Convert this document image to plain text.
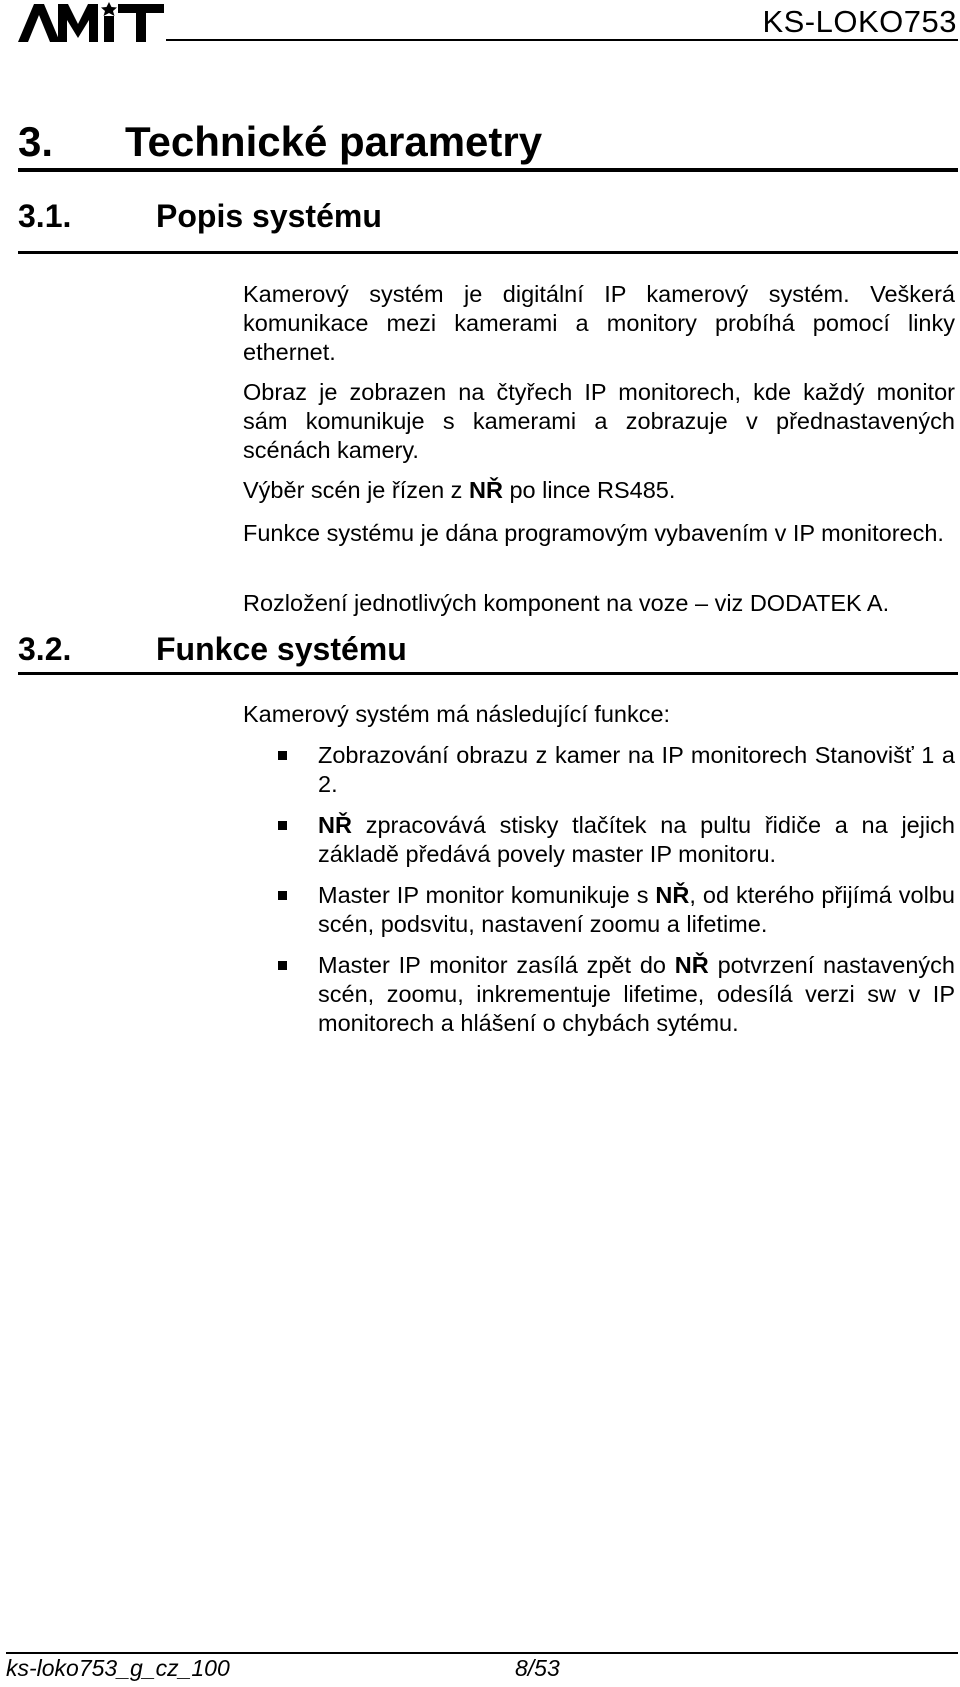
KS-LOKO753
3. Technické parametry
3.1.	Popis systému

Kamerový systém je digitální IP kamerový systém. Veškerá komunikace mezi kamerami a monitory probíhá pomocí linky ethernet.

Obraz je zobrazen na čtyřech IP monitorech, kde každý monitor sám komunikuje s kamerami a zobrazuje v přednastavených scénách kamery.

Výběr scén je řízen z NŘ po lince RS485.

Funkce systému je dána programovým vybavením v IP monitorech.

Rozložení jednotlivých komponent na voze – viz DODATEK A.

3.2.	Funkce systému

Kamerový systém má následující funkce:

Zobrazování obrazu z kamer na IP monitorech Stanovišť 1 a 2.
NŘ zpracovává stisky tlačítek na pultu řidiče a na jejich základě předává povely master IP monitoru.
Master IP monitor komunikuje s NŘ, od kterého přijímá volbu scén, podsvitu, nastavení zoomu a lifetime.
Master IP monitor zasílá zpět do NŘ potvrzení nastavených scén, zoomu, inkrementuje lifetime, odesílá verzi sw v IP monitorech a hlášení o chybách sytému.
ks-loko753_g_cz_100	8/53
